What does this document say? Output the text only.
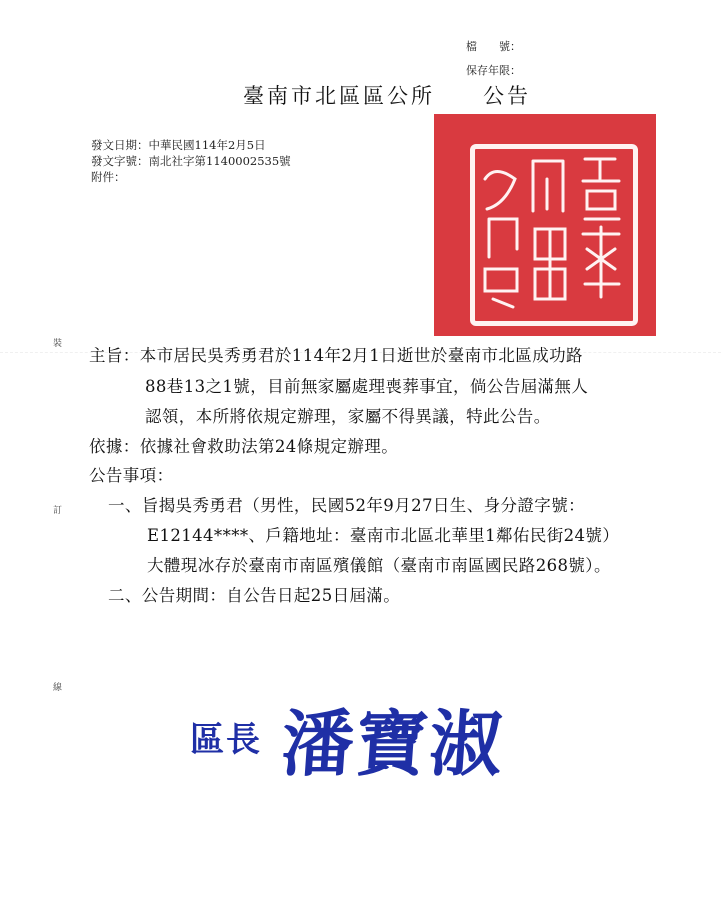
檔　　號：
保存年限：
臺南市北區區公所　　公告
發文日期：中華民國114年2月5日
發文字號：南北社字第1140002535號
附件：
裝
訂
線
主旨：本市居民吳秀勇君於114年2月1日逝世於臺南市北區成功路
88巷13之1號，目前無家屬處理喪葬事宜，倘公告屆滿無人
認領，本所將依規定辦理，家屬不得異議，特此公告。
依據：依據社會救助法第24條規定辦理。
公告事項：
一、旨揭吳秀勇君（男性，民國52年9月27日生、身分證字號：
E12144****、戶籍地址：臺南市北區北華里1鄰佑民街24號）
大體現冰存於臺南市南區殯儀館（臺南市南區國民路268號）。
二、公告期間：自公告日起25日屆滿。
區長 潘寶淑
